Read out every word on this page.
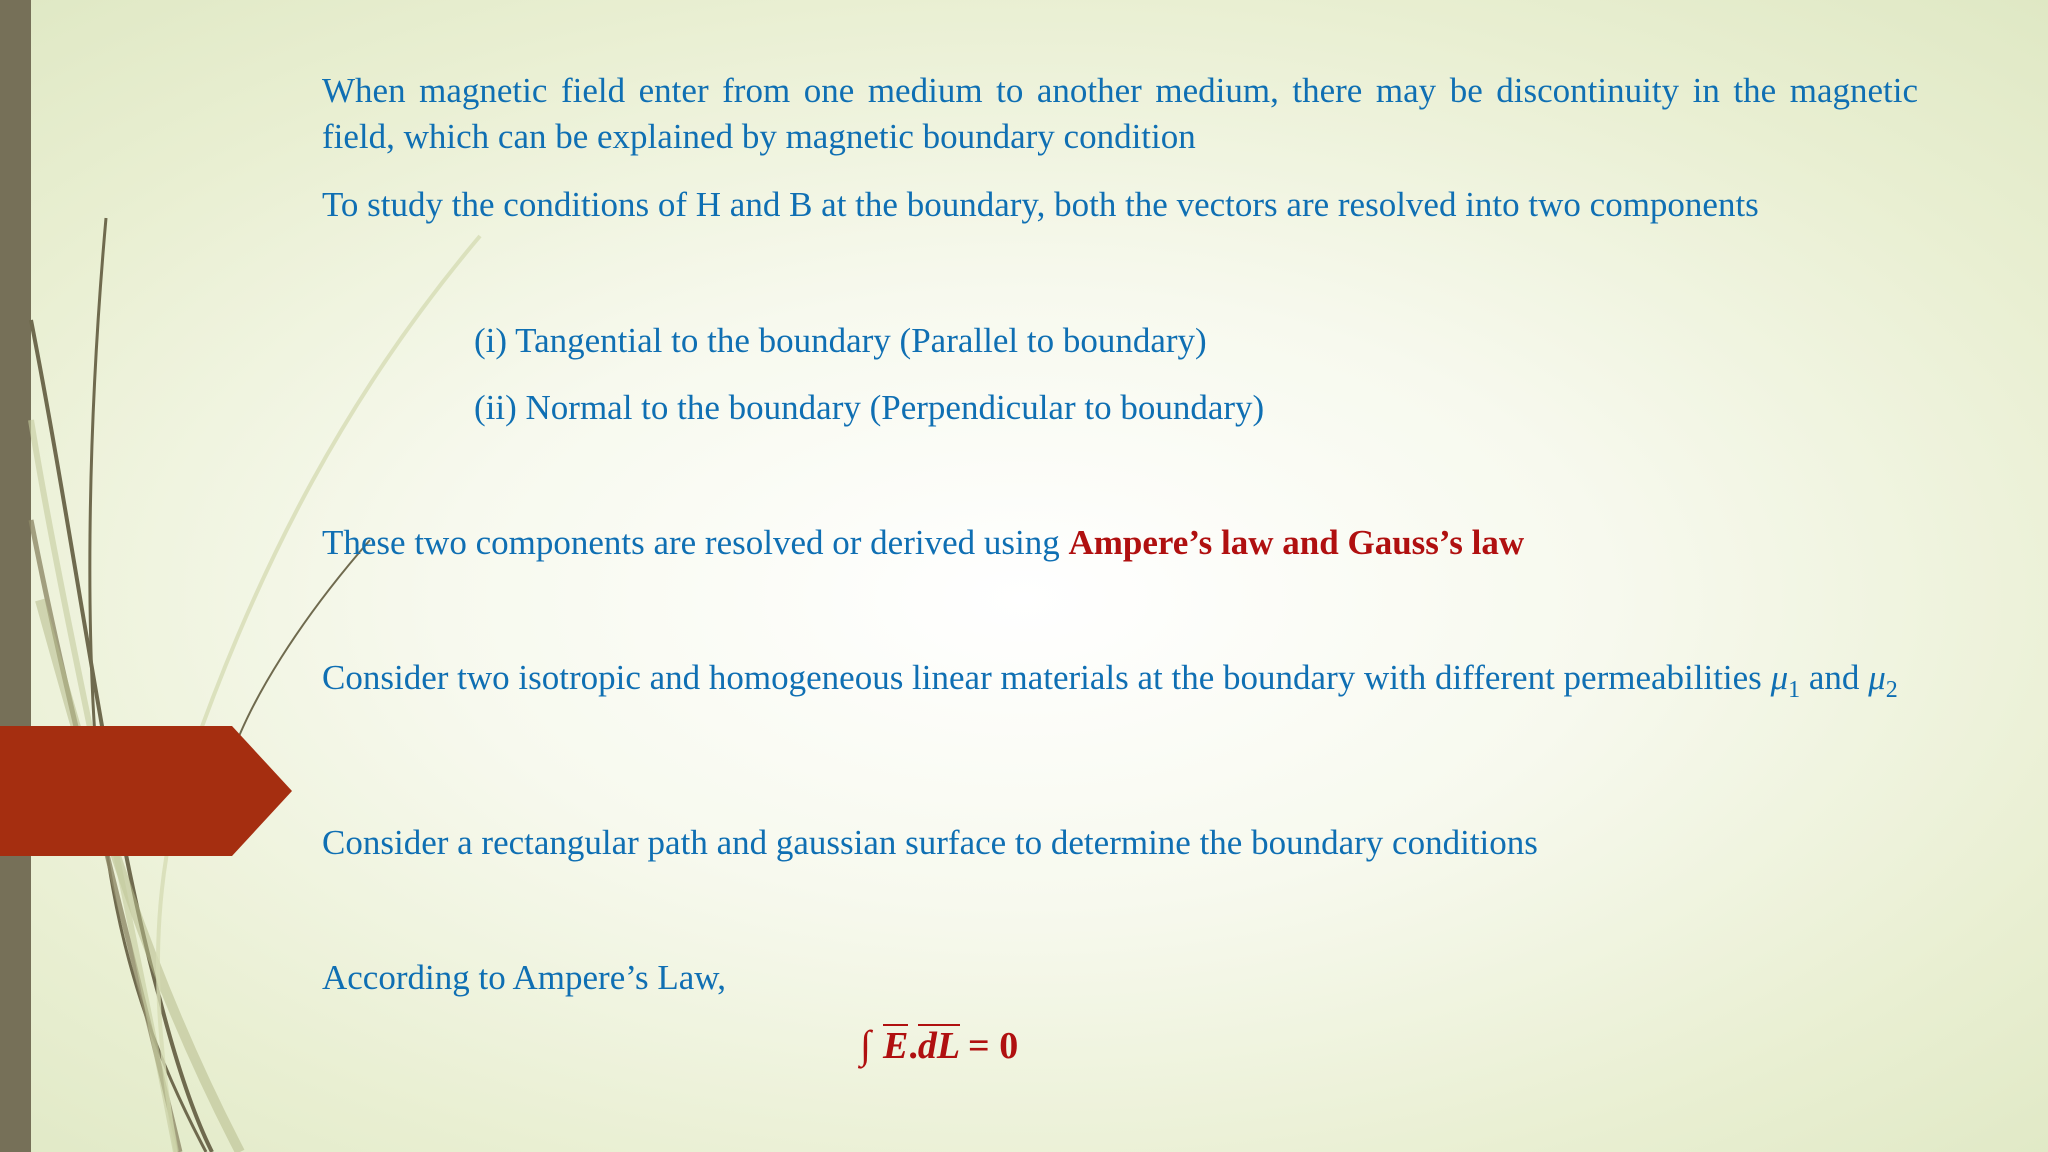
When magnetic field enter from one medium to another medium, there may be discontinuity in the magnetic field, which can be explained by magnetic boundary condition

To study the conditions of H and B at the boundary, both the vectors are resolved into two components

(i) Tangential to the boundary (Parallel to boundary)

(ii) Normal to the boundary (Perpendicular to boundary)

These two components are resolved or derived using Ampere’s law and Gauss’s law

Consider two isotropic and homogeneous linear materials at the boundary with different permeabilities $\mu_1$ and $\mu_2$

Consider a rectangular path and gaussian surface to determine the boundary conditions

According to Ampere’s Law,

∫ E.dL = 0
